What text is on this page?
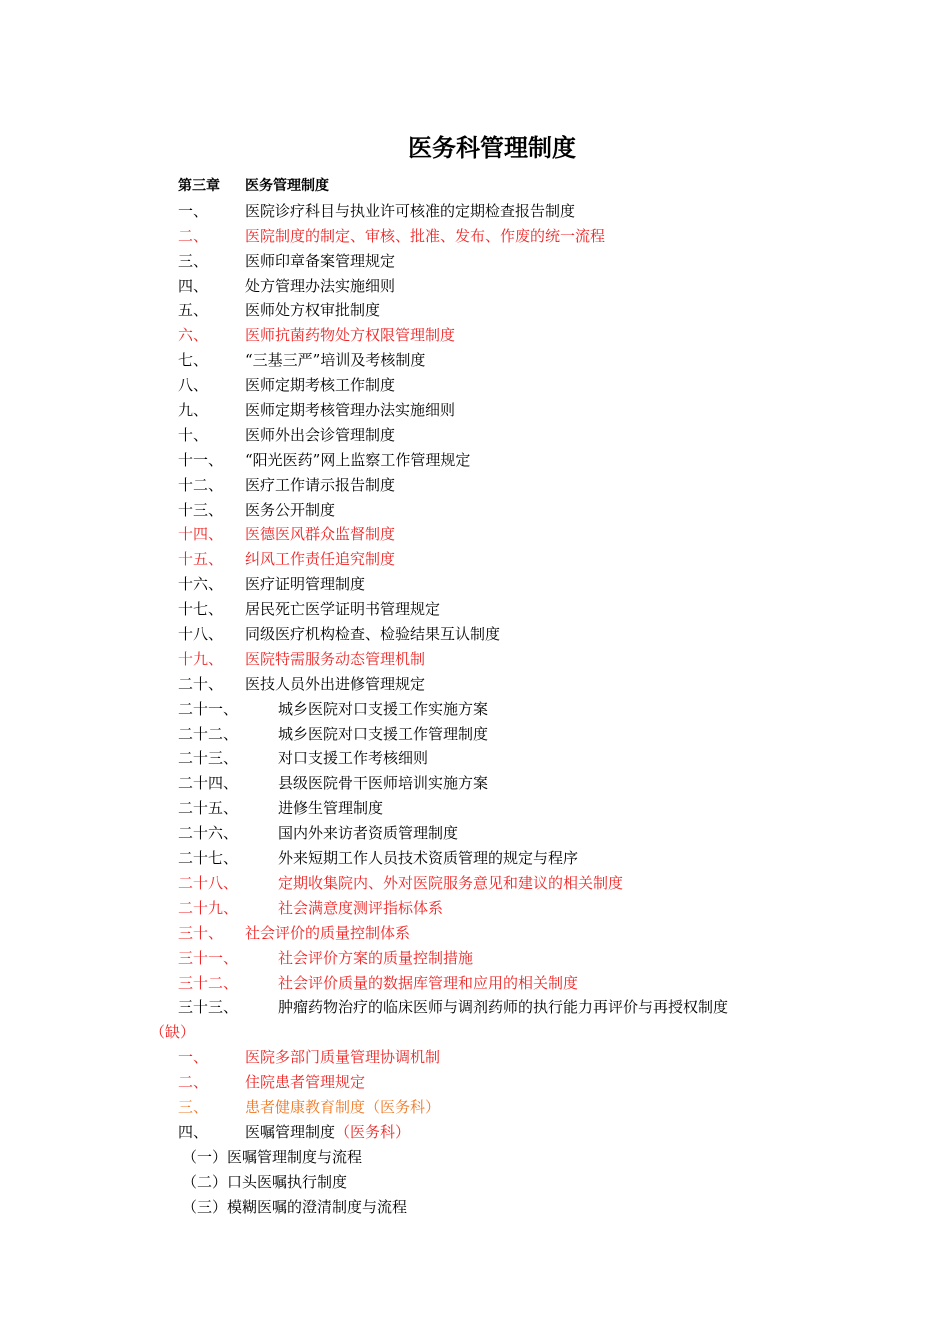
医务科管理制度
第三章 医务管理制度
一、 医院诊疗科目与执业许可核准的定期检查报告制度
二、 医院制度的制定、审核、批准、发布、作废的统一流程
三、 医师印章备案管理规定
四、 处方管理办法实施细则
五、 医师处方权审批制度
六、 医师抗菌药物处方权限管理制度
七、 “三基三严”培训及考核制度
八、 医师定期考核工作制度
九、 医师定期考核管理办法实施细则
十、 医师外出会诊管理制度
十一、 “阳光医药”网上监察工作管理规定
十二、 医疗工作请示报告制度
十三、 医务公开制度
十四、 医德医风群众监督制度
十五、 纠风工作责任追究制度
十六、 医疗证明管理制度
十七、 居民死亡医学证明书管理规定
十八、 同级医疗机构检查、检验结果互认制度
十九、 医院特需服务动态管理机制
二十、 医技人员外出进修管理规定
二十一、	城乡医院对口支援工作实施方案
二十二、	城乡医院对口支援工作管理制度
二十三、	对口支援工作考核细则
二十四、	县级医院骨干医师培训实施方案
二十五、	进修生管理制度
二十六、	国内外来访者资质管理制度
二十七、	外来短期工作人员技术资质管理的规定与程序
二十八、	定期收集院内、外对医院服务意见和建议的相关制度
二十九、	社会满意度测评指标体系
三十、 社会评价的质量控制体系
三十一、	社会评价方案的质量控制措施
三十二、	社会评价质量的数据库管理和应用的相关制度
三十三、	肿瘤药物治疗的临床医师与调剂药师的执行能力再评价与再授权制度
（缺）
一、 医院多部门质量管理协调机制
二、 住院患者管理规定
三、 患者健康教育制度（医务科）
四、 医嘱管理制度（医务科）
（一）医嘱管理制度与流程
（二）口头医嘱执行制度
（三）模糊医嘱的澄清制度与流程
